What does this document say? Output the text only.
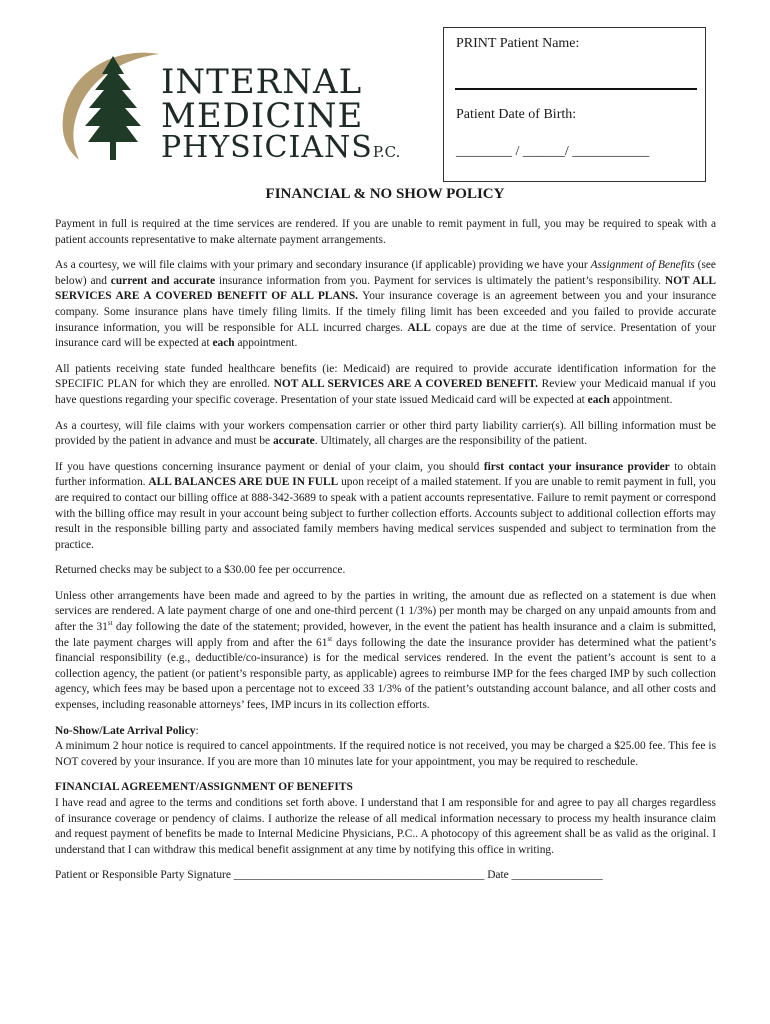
INTERNAL
MEDICINE
PHYSICIANSP.C.
PRINT Patient Name:
Patient Date of Birth:
________ / ______/ ___________
FINANCIAL & NO SHOW POLICY

Payment in full is required at the time services are rendered. If you are unable to remit payment in full, you may be required to speak with a patient accounts representative to make alternate payment arrangements.

As a courtesy, we will file claims with your primary and secondary insurance (if applicable) providing we have your Assignment of Benefits (see below) and current and accurate insurance information from you. Payment for services is ultimately the patient’s responsibility. NOT ALL SERVICES ARE A COVERED BENEFIT OF ALL PLANS. Your insurance coverage is an agreement between you and your insurance company. Some insurance plans have timely filing limits. If the timely filing limit has been exceeded and you failed to provide accurate insurance information, you will be responsible for ALL incurred charges. ALL copays are due at the time of service. Presentation of your insurance card will be expected at each appointment.

All patients receiving state funded healthcare benefits (ie: Medicaid) are required to provide accurate identification information for the SPECIFIC PLAN for which they are enrolled. NOT ALL SERVICES ARE A COVERED BENEFIT. Review your Medicaid manual if you have questions regarding your specific coverage. Presentation of your state issued Medicaid card will be expected at each appointment.

As a courtesy, will file claims with your workers compensation carrier or other third party liability carrier(s). All billing information must be provided by the patient in advance and must be accurate. Ultimately, all charges are the responsibility of the patient.

If you have questions concerning insurance payment or denial of your claim, you should first contact your insurance provider to obtain further information. ALL BALANCES ARE DUE IN FULL upon receipt of a mailed statement. If you are unable to remit payment in full, you are required to contact our billing office at 888-342-3689 to speak with a patient accounts representative. Failure to remit payment or correspond with the billing office may result in your account being subject to further collection efforts. Accounts subject to additional collection efforts may result in the responsible billing party and associated family members having medical services suspended and subject to termination from the practice.

Returned checks may be subject to a $30.00 fee per occurrence.

Unless other arrangements have been made and agreed to by the parties in writing, the amount due as reflected on a statement is due when services are rendered. A late payment charge of one and one-third percent (1 1/3%) per month may be charged on any unpaid amounts from and after the 31st day following the date of the statement; provided, however, in the event the patient has health insurance and a claim is submitted, the late payment charges will apply from and after the 61st days following the date the insurance provider has determined what the patient’s financial responsibility (e.g., deductible/co-insurance) is for the medical services rendered. In the event the patient’s account is sent to a collection agency, the patient (or patient’s responsible party, as applicable) agrees to reimburse IMP for the fees charged IMP by such collection agency, which fees may be based upon a percentage not to exceed 33 1/3% of the patient’s outstanding account balance, and all other costs and expenses, including reasonable attorneys’ fees, IMP incurs in its collection efforts.

No-Show/Late Arrival Policy:
A minimum 2 hour notice is required to cancel appointments. If the required notice is not received, you may be charged a $25.00 fee. This fee is NOT covered by your insurance. If you are more than 10 minutes late for your appointment, you may be required to reschedule.

FINANCIAL AGREEMENT/ASSIGNMENT OF BENEFITS
I have read and agree to the terms and conditions set forth above. I understand that I am responsible for and agree to pay all charges regardless of insurance coverage or pendency of claims. I authorize the release of all medical information necessary to process my health insurance claim and request payment of benefits be made to Internal Medicine Physicians, P.C.. A photocopy of this agreement shall be as valid as the original. I understand that I can withdraw this medical benefit assignment at any time by notifying this office in writing.

Patient or Responsible Party Signature ____________________________________________ Date ________________
